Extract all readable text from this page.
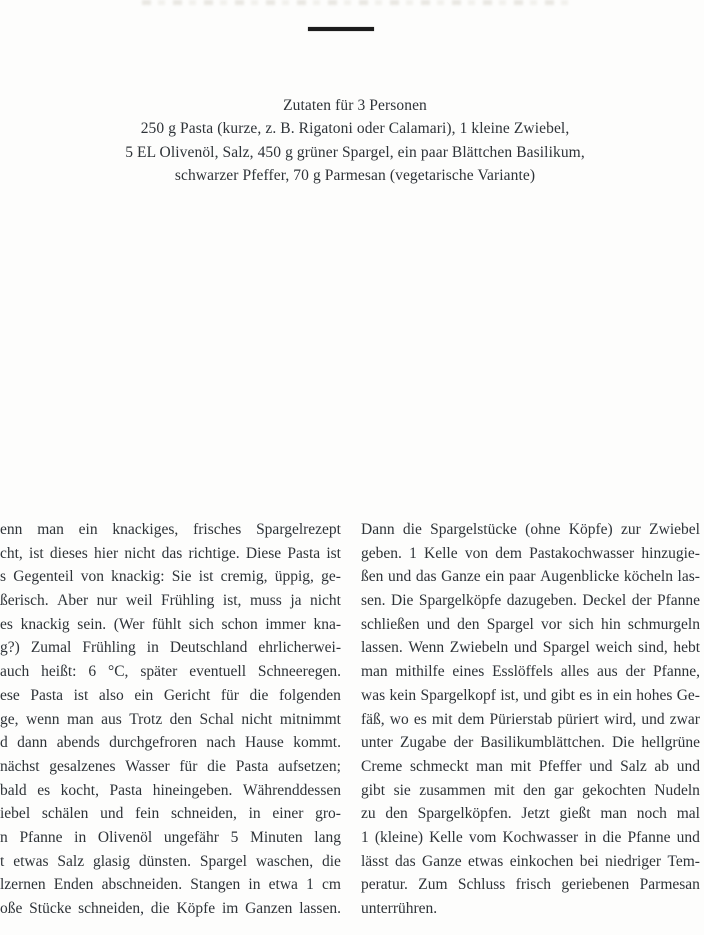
Zutaten für 3 Personen
250 g Pasta (kurze, z. B. Rigatoni oder Calamari), 1 kleine Zwiebel,
5 EL Olivenöl, Salz, 450 g grüner Spargel, ein paar Blättchen Basilikum,
schwarzer Pfeffer, 70 g Parmesan (vegetarische Variante)
enn man ein knackiges, frisches Spargelrezept
cht, ist dieses hier nicht das richtige. Diese Pasta ist
s Gegenteil von knackig: Sie ist cremig, üppig, ge-
ßerisch. Aber nur weil Frühling ist, muss ja nicht
es knackig sein. (Wer fühlt sich schon immer kna-
g?) Zumal Frühling in Deutschland ehrlicherwei-
auch heißt: 6 °C, später eventuell Schneeregen.
ese Pasta ist also ein Gericht für die folgenden
ge, wenn man aus Trotz den Schal nicht mitnimmt
d dann abends durchgefroren nach Hause kommt.
nächst gesalzenes Wasser für die Pasta aufsetzen;
bald es kocht, Pasta hineingeben. Währenddessen
iebel schälen und fein schneiden, in einer gro-
n Pfanne in Olivenöl ungefähr 5 Minuten lang
t etwas Salz glasig dünsten. Spargel waschen, die
lzernen Enden abschneiden. Stangen in etwa 1 cm
oße Stücke schneiden, die Köpfe im Ganzen lassen.
Dann die Spargelstücke (ohne Köpfe) zur Zwiebel
geben. 1 Kelle von dem Pastakochwasser hinzugie-
ßen und das Ganze ein paar Augenblicke köcheln las-
sen. Die Spargelköpfe dazugeben. Deckel der Pfanne
schließen und den Spargel vor sich hin schmurgeln
lassen. Wenn Zwiebeln und Spargel weich sind, hebt
man mithilfe eines Esslöffels alles aus der Pfanne,
was kein Spargelkopf ist, und gibt es in ein hohes Ge-
fäß, wo es mit dem Pürierstab püriert wird, und zwar
unter Zugabe der Basilikumblättchen. Die hellgrüne
Creme schmeckt man mit Pfeffer und Salz ab und
gibt sie zusammen mit den gar gekochten Nudeln
zu den Spargelköpfen. Jetzt gießt man noch mal
1 (kleine) Kelle vom Kochwasser in die Pfanne und
lässt das Ganze etwas einkochen bei niedriger Tem-
peratur. Zum Schluss frisch geriebenen Parmesan
unterrühren.
